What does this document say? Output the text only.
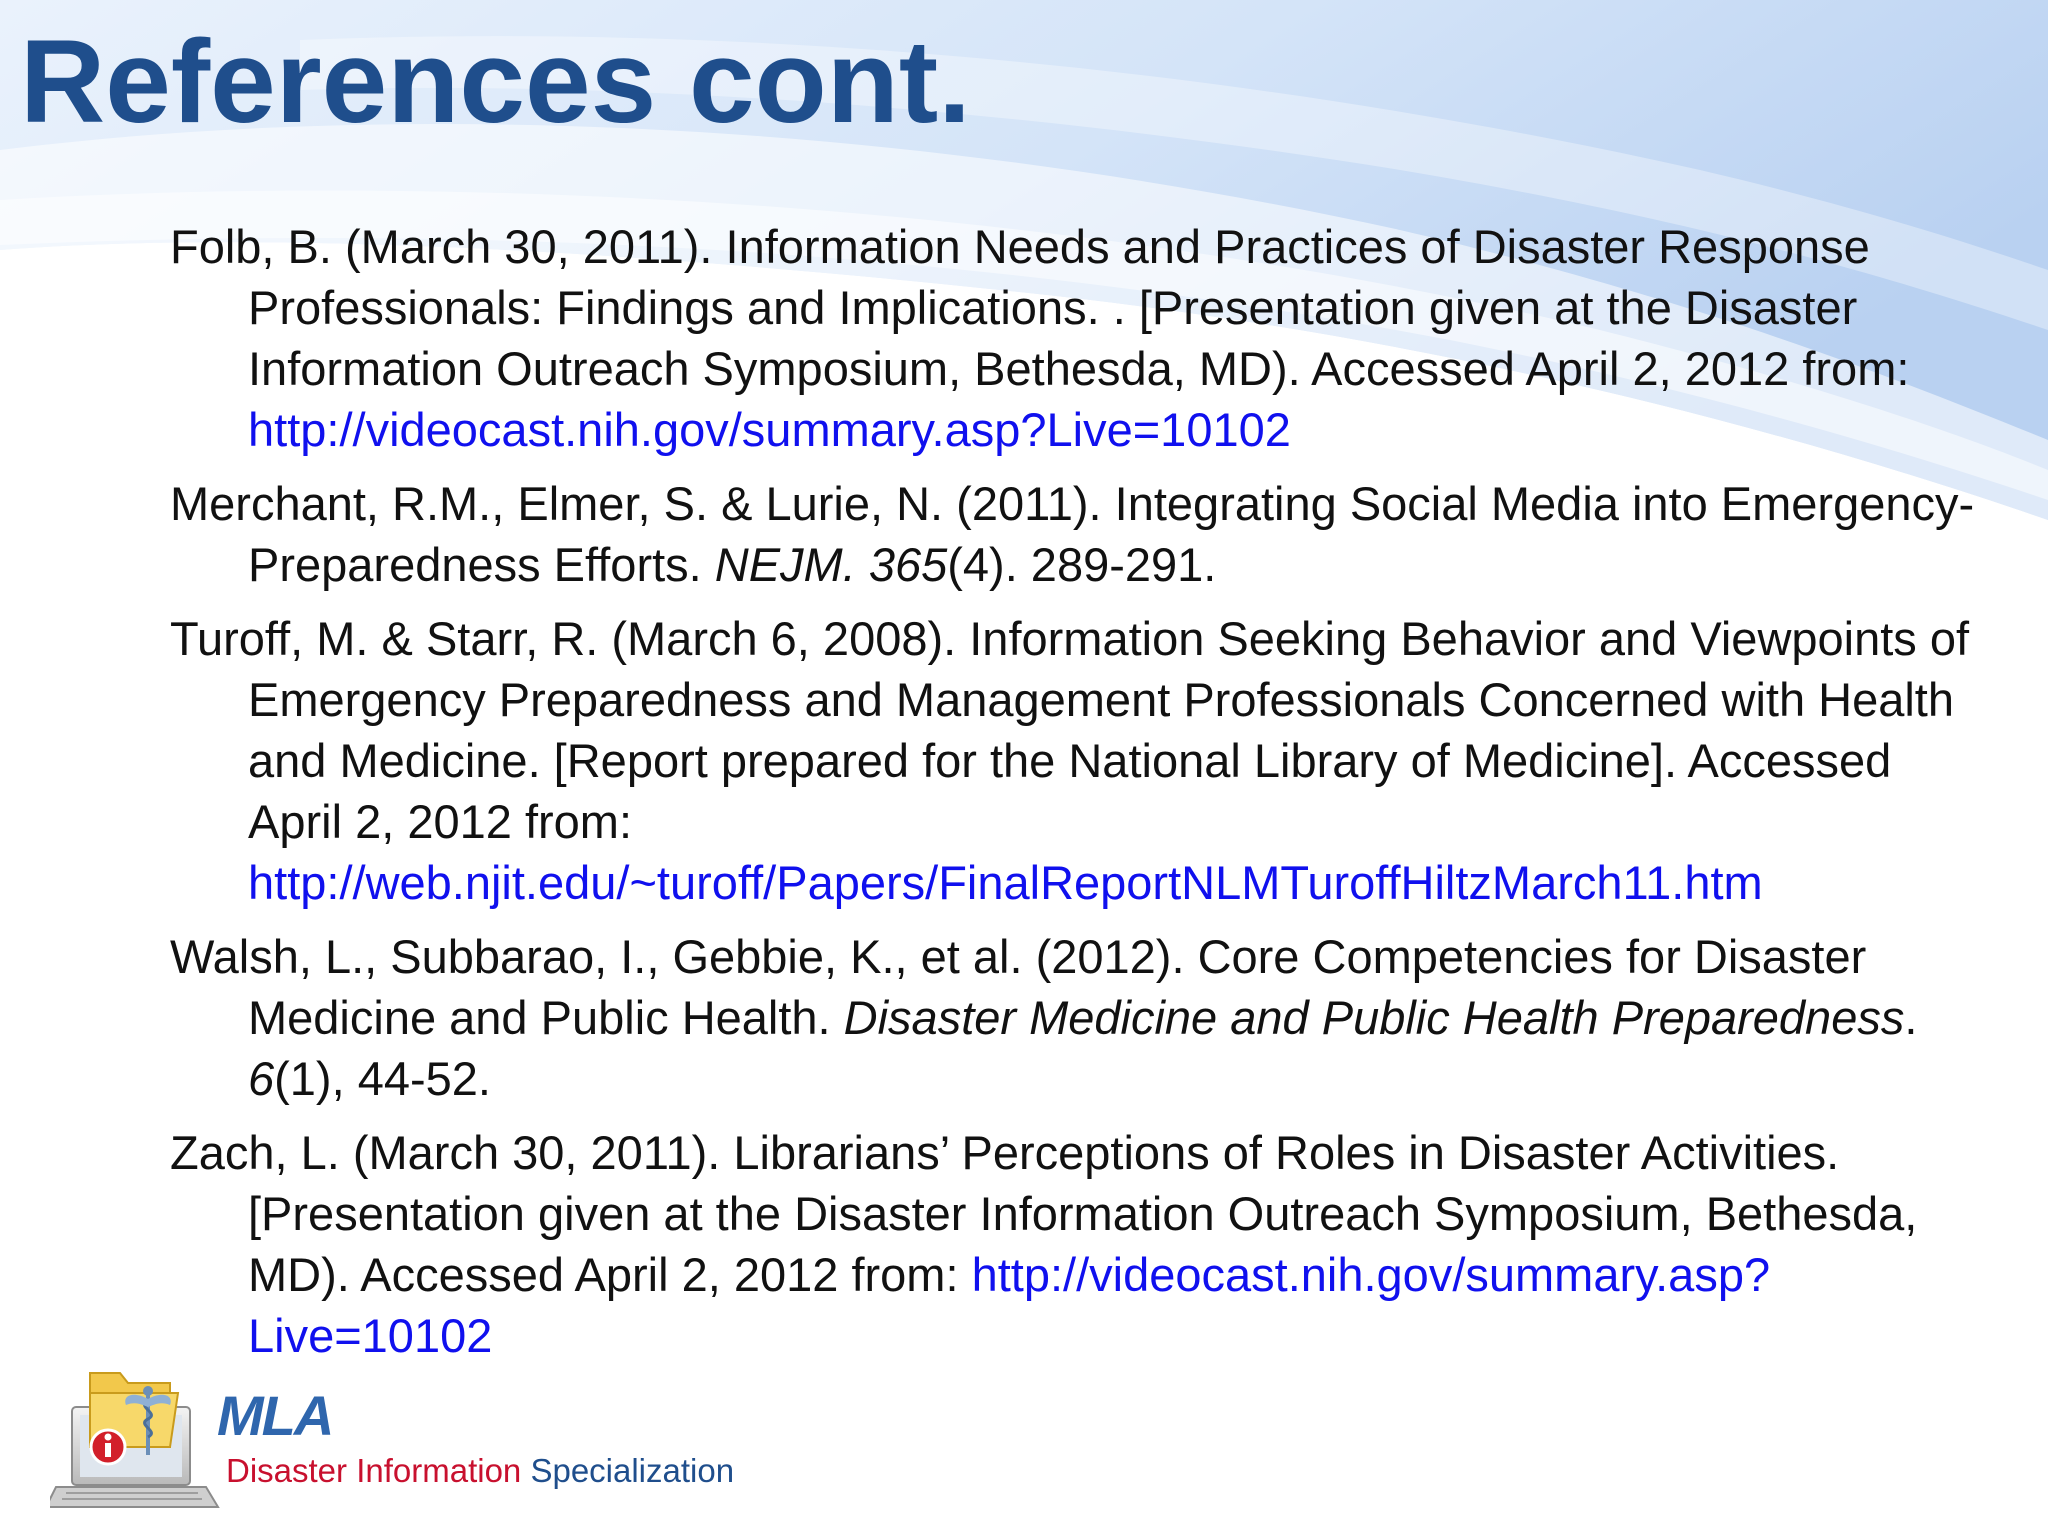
References cont.

Folb, B. (March 30, 2011). Information Needs and Practices of Disaster Response Professionals: Findings and Implications. . [Presentation given at the Disaster Information Outreach Symposium, Bethesda, MD). Accessed April 2, 2012 from: http://videocast.nih.gov/summary.asp?Live=10102

Merchant, R.M., Elmer, S. & Lurie, N. (2011). Integrating Social Media into Emergency-Preparedness Efforts. NEJM. 365(4). 289-291.

Turoff, M. & Starr, R. (March 6, 2008). Information Seeking Behavior and Viewpoints of Emergency Preparedness and Management Professionals Concerned with Health and Medicine. [Report prepared for the National Library of Medicine]. Accessed April 2, 2012 from: http://web.njit.edu/~turoff/Papers/FinalReportNLMTuroffHiltzMarch11.htm

Walsh, L., Subbarao, I., Gebbie, K., et al. (2012). Core Competencies for Disaster Medicine and Public Health. Disaster Medicine and Public Health Preparedness. 6(1), 44-52.

Zach, L. (March 30, 2011). Librarians’ Perceptions of Roles in Disaster Activities. [Presentation given at the Disaster Information Outreach Symposium, Bethesda, MD). Accessed April 2, 2012 from: http://videocast.nih.gov/summary.asp?Live=10102

MLA
Disaster Information Specialization
